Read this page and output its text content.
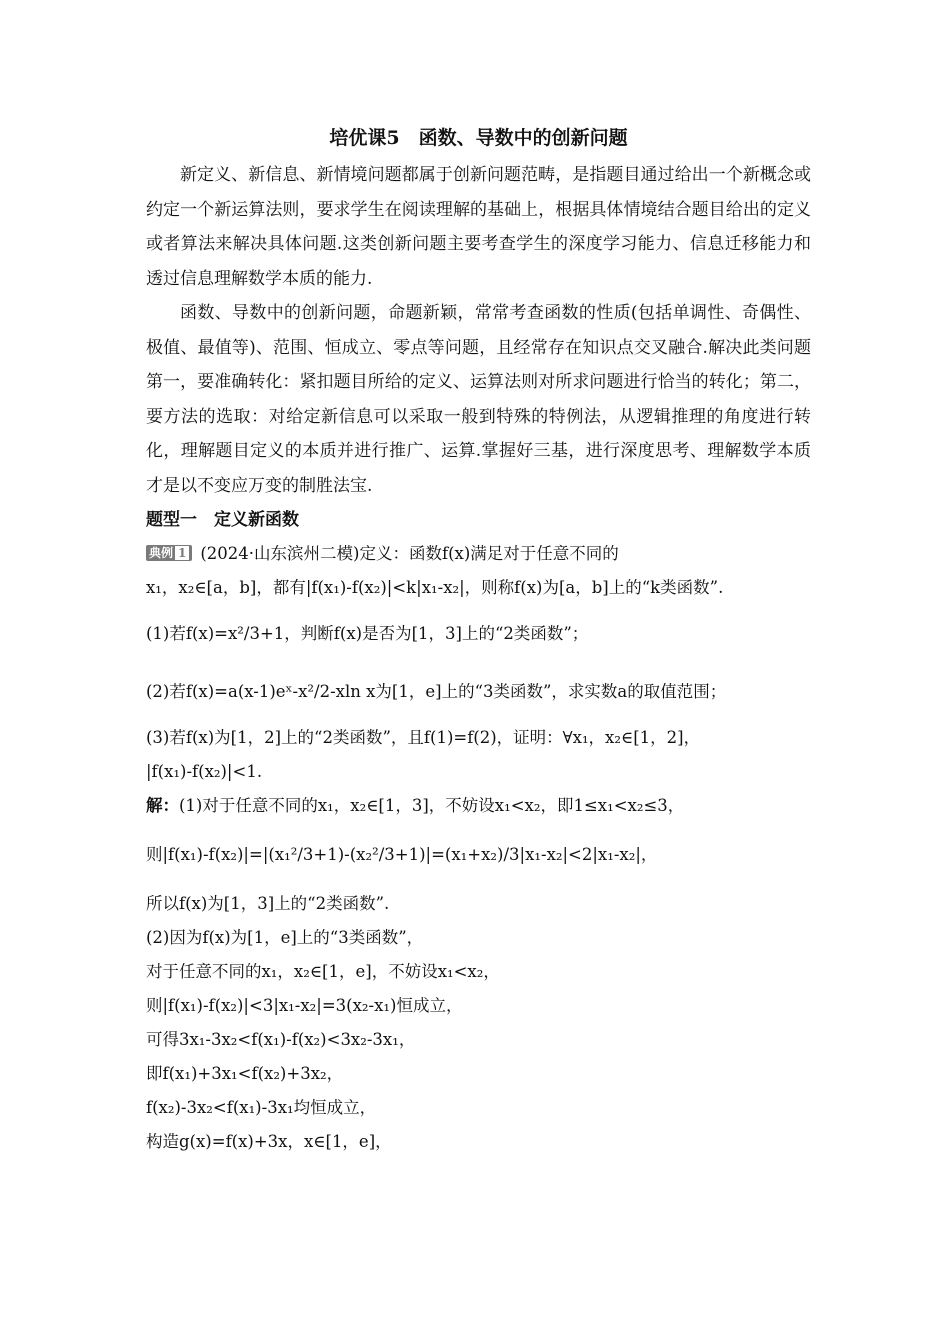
培优课5　函数、导数中的创新问题

新定义、新信息、新情境问题都属于创新问题范畴，是指题目通过给出一个新概念或约定一个新运算法则，要求学生在阅读理解的基础上，根据具体情境结合题目给出的定义或者算法来解决具体问题.这类创新问题主要考查学生的深度学习能力、信息迁移能力和透过信息理解数学本质的能力.

函数、导数中的创新问题，命题新颖，常常考查函数的性质(包括单调性、奇偶性、极值、最值等)、范围、恒成立、零点等问题，且经常存在知识点交叉融合.解决此类问题第一，要准确转化：紧扣题目所给的定义、运算法则对所求问题进行恰当的转化；第二，要方法的选取：对给定新信息可以采取一般到特殊的特例法，从逻辑推理的角度进行转化，理解题目定义的本质并进行推广、运算.掌握好三基，进行深度思考、理解数学本质才是以不变应万变的制胜法宝.

题型一　定义新函数

典例 1 (2024·山东滨州二模)定义：函数f(x)满足对于任意不同的

x₁，x₂∈[a，b]，都有|f(x₁)-f(x₂)|<k|x₁-x₂|，则称f(x)为[a，b]上的“k类函数”.

(1)若f(x)=x²/3+1，判断f(x)是否为[1，3]上的“2类函数”；

(2)若f(x)=a(x-1)eˣ-x²/2-xln x为[1，e]上的“3类函数”，求实数a的取值范围；

(3)若f(x)为[1，2]上的“2类函数”，且f(1)=f(2)，证明：∀x₁，x₂∈[1，2]，

|f(x₁)-f(x₂)|<1.

解：(1)对于任意不同的x₁，x₂∈[1，3]，不妨设x₁<x₂，即1≤x₁<x₂≤3，

则|f(x₁)-f(x₂)|=|(x₁²/3+1)-(x₂²/3+1)|=(x₁+x₂)/3|x₁-x₂|<2|x₁-x₂|，

所以f(x)为[1，3]上的“2类函数”.

(2)因为f(x)为[1，e]上的“3类函数”，

对于任意不同的x₁，x₂∈[1，e]，不妨设x₁<x₂，

则|f(x₁)-f(x₂)|<3|x₁-x₂|=3(x₂-x₁)恒成立，

可得3x₁-3x₂<f(x₁)-f(x₂)<3x₂-3x₁，

即f(x₁)+3x₁<f(x₂)+3x₂，

f(x₂)-3x₂<f(x₁)-3x₁均恒成立，

构造g(x)=f(x)+3x，x∈[1，e]，
